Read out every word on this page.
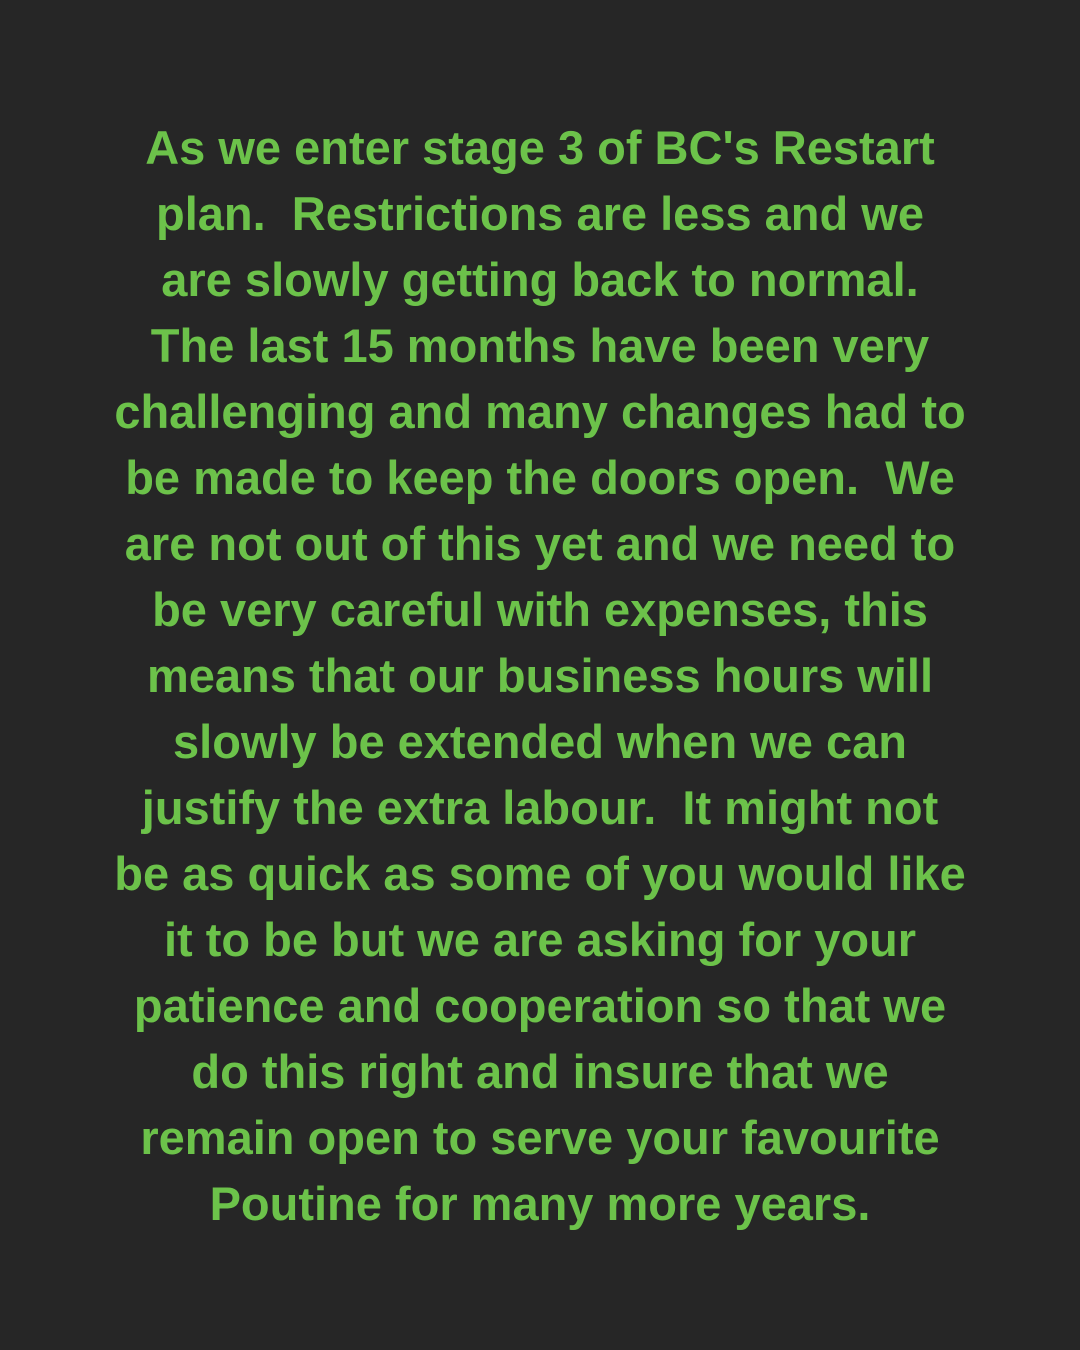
As we enter stage 3 of BC's Restart
plan.  Restrictions are less and we
are slowly getting back to normal.
The last 15 months have been very
challenging and many changes had to
be made to keep the doors open.  We
are not out of this yet and we need to
be very careful with expenses, this
means that our business hours will
slowly be extended when we can
justify the extra labour.  It might not
be as quick as some of you would like
it to be but we are asking for your
patience and cooperation so that we
do this right and insure that we
remain open to serve your favourite
Poutine for many more years.
